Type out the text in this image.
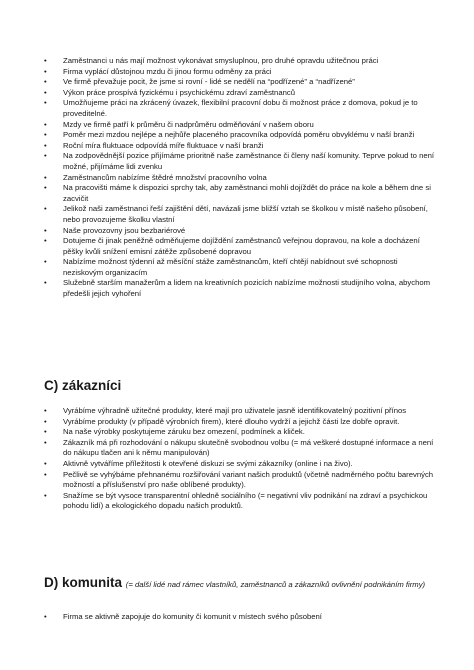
•	Zaměstnanci u nás mají možnost vykonávat smysluplnou, pro druhé opravdu užitečnou práci
•	Firma vyplácí důstojnou mzdu či jinou formu odměny za práci
•	Ve firmě převažuje pocit, že jsme si rovní - lidé se nedělí na “podřízené” a “nadřízené”
•	Výkon práce prospívá fyzickému i psychickému zdraví zaměstnanců
•	Umožňujeme práci na zkrácený úvazek, flexibilní pracovní dobu či možnost práce z domova, pokud je to proveditelné.
•	Mzdy ve firmě patří k průměru či nadprůměru odměňování v našem oboru
•	Poměr mezi mzdou nejlépe a nejhůře placeného pracovníka odpovídá poměru obvyklému v naší branži
•	Roční míra fluktuace odpovídá míře fluktuace v naší branži
•	Na zodpovědnější pozice přijímáme prioritně naše zaměstnance či členy naší komunity. Teprve pokud to není možné, přijímáme lidi zvenku
•	Zaměstnancům nabízíme štědré množství pracovního volna
•	Na pracovišti máme k dispozici sprchy tak, aby zaměstnanci mohli dojíždět do práce na kole a během dne si zacvičit
•	Jelikož naši zaměstnanci řeší zajištění dětí, navázali jsme bližší vztah se školkou v místě našeho působení, nebo provozujeme školku vlastní
•	Naše provozovny jsou bezbariérové
•	Dotujeme či jinak peněžně odměňujeme dojíždění zaměstnanců veřejnou dopravou, na kole a docházení pěšky kvůli snížení emisní zátěže způsobené dopravou
•	Nabízíme možnost týdenní až měsíční stáže zaměstnancům, kteří chtějí nabídnout své schopnosti neziskovým organizacím
•	Služebně starším manažerům a lidem na kreativních pozicích nabízíme možnosti studijního volna, abychom předešli jejich vyhoření
C) zákazníci
•	Vyrábíme výhradně užitečné produkty, které mají pro uživatele jasně identifikovatelný pozitivní přínos
•	Vyrábíme produkty (v případě výrobních firem), které dlouho vydrží a jejichž části lze dobře opravit.
•	Na naše výrobky poskytujeme záruku bez omezení, podmínek a kliček.
•	Zákazník má při rozhodování o nákupu skutečně svobodnou volbu (= má veškeré dostupné informace a není do nákupu tlačen ani k němu manipulován)
•	Aktivně vytváříme příležitosti k otevřené diskuzi se svými zákazníky (online i na živo).
•	Pečlivě se vyhýbáme přehnanému rozšiřování variant našich produktů (včetně nadměrného počtu barevných možností a příslušenství pro naše oblíbené produkty).
•	Snažíme se být vysoce transparentní ohledně sociálního (= negativní vliv podnikání na zdraví a psychickou pohodu lidí) a ekologického dopadu našich produktů.
D) komunita (= další lidé nad rámec vlastníků, zaměstnanců a zákazníků ovlivnění podnikáním firmy)
•	Firma se aktivně zapojuje do komunity či komunit v místech svého působení
